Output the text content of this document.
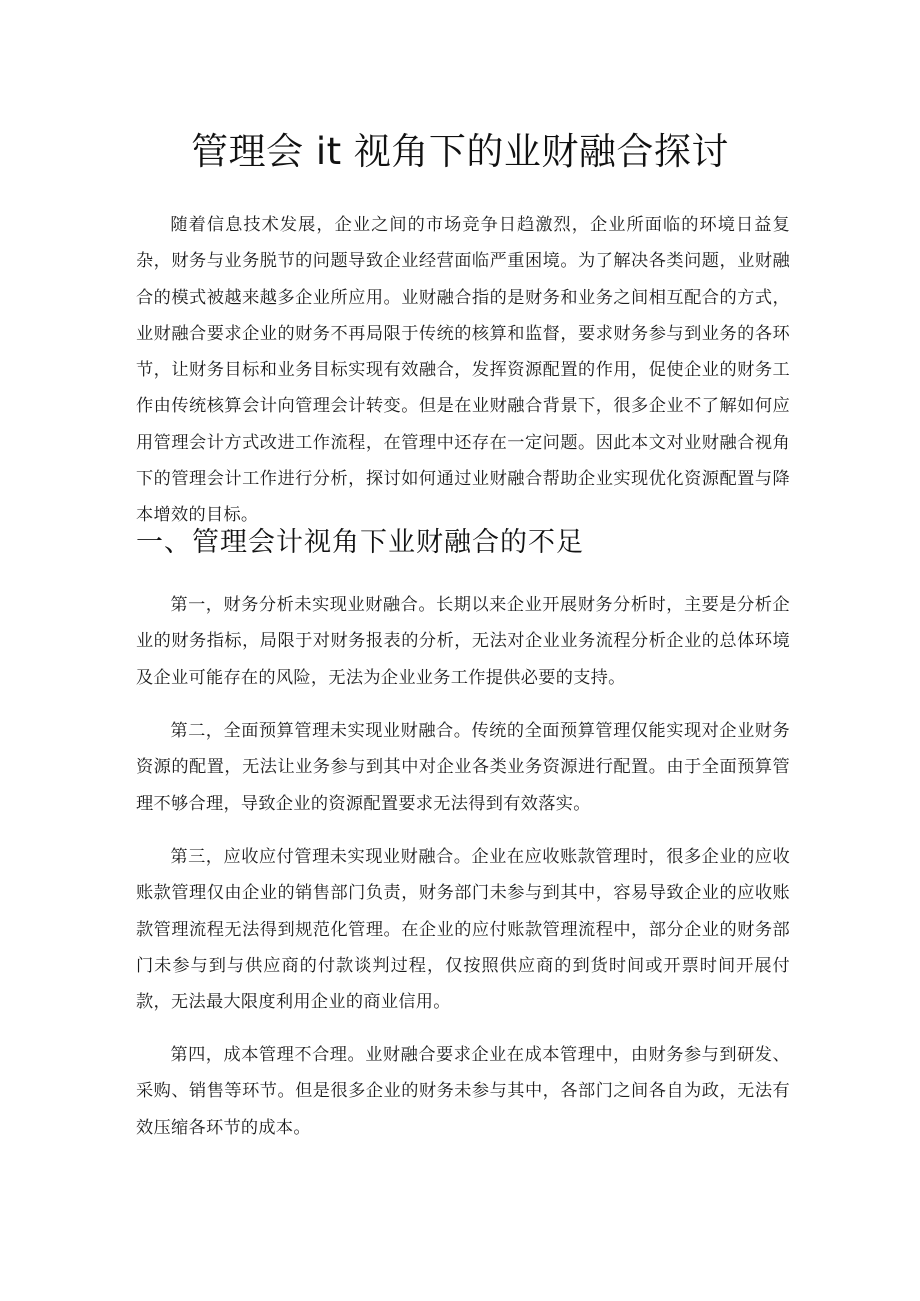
管理会 it 视角下的业财融合探讨

随着信息技术发展，企业之间的市场竞争日趋激烈，企业所面临的环境日益复杂，财务与业务脱节的问题导致企业经营面临严重困境。为了解决各类问题，业财融合的模式被越来越多企业所应用。业财融合指的是财务和业务之间相互配合的方式，业财融合要求企业的财务不再局限于传统的核算和监督，要求财务参与到业务的各环节，让财务目标和业务目标实现有效融合，发挥资源配置的作用，促使企业的财务工作由传统核算会计向管理会计转变。但是在业财融合背景下，很多企业不了解如何应用管理会计方式改进工作流程，在管理中还存在一定问题。因此本文对业财融合视角下的管理会计工作进行分析，探讨如何通过业财融合帮助企业实现优化资源配置与降本增效的目标。

一、管理会计视角下业财融合的不足

第一，财务分析未实现业财融合。长期以来企业开展财务分析时，主要是分析企业的财务指标，局限于对财务报表的分析，无法对企业业务流程分析企业的总体环境及企业可能存在的风险，无法为企业业务工作提供必要的支持。

第二，全面预算管理未实现业财融合。传统的全面预算管理仅能实现对企业财务资源的配置，无法让业务参与到其中对企业各类业务资源进行配置。由于全面预算管理不够合理，导致企业的资源配置要求无法得到有效落实。

第三，应收应付管理未实现业财融合。企业在应收账款管理时，很多企业的应收账款管理仅由企业的销售部门负责，财务部门未参与到其中，容易导致企业的应收账款管理流程无法得到规范化管理。在企业的应付账款管理流程中，部分企业的财务部门未参与到与供应商的付款谈判过程，仅按照供应商的到货时间或开票时间开展付款，无法最大限度利用企业的商业信用。

第四，成本管理不合理。业财融合要求企业在成本管理中，由财务参与到研发、采购、销售等环节。但是很多企业的财务未参与其中，各部门之间各自为政，无法有效压缩各环节的成本。
